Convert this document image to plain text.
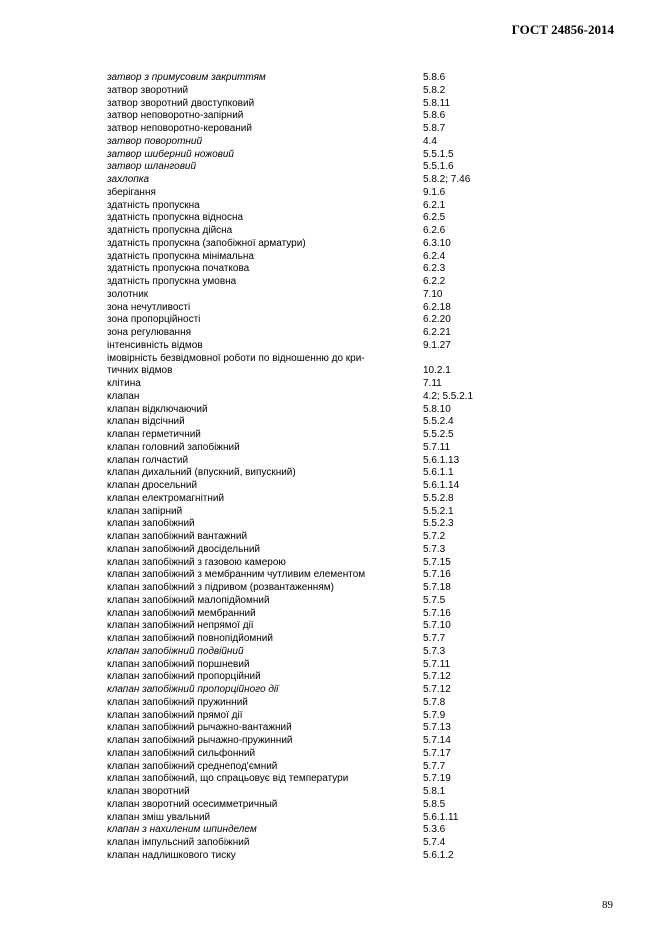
ГОСТ 24856-2014
затвор з примусовим закриттям	5.8.6
затвор зворотний	5.8.2
затвор зворотний двоступковий	5.8.11
затвор неповоротно-запірний	5.8.6
затвор неповоротно-керований	5.8.7
затвор поворотний	4.4
затвор шиберний ножовий	5.5.1.5
затвор шланговий	5.5.1.6
захлопка	5.8.2; 7.46
зберігання	9.1.6
здатність пропускна	6.2.1
здатність пропускна відносна	6.2.5
здатність пропускна дійсна	6.2.6
здатність пропускна (запобіжної арматури)	6.3.10
здатність пропускна мінімальна	6.2.4
здатність пропускна початкова	6.2.3
здатність пропускна умовна	6.2.2
золотник	7.10
зона нечутливості	6.2.18
зона пропорційності	6.2.20
зона регулювання	6.2.21
інтенсивність відмов	9.1.27
імовірність безвідмовної роботи по відношенню до кри-
тичних відмов	10.2.1
клітина	7.11
клапан	4.2; 5.5.2.1
клапан відключаючий	5.8.10
клапан відсічний	5.5.2.4
клапан герметичний	5.5.2.5
клапан головний запобіжний	5.7.11
клапан голчастий	5.6.1.13
клапан дихальний (впускний, випускний)	5.6.1.1
клапан дросельний	5.6.1.14
клапан електромагнітний	5.5.2.8
клапан запірний	5.5.2.1
клапан запобіжний	5.5.2.3
клапан запобіжний вантажний	5.7.2
клапан запобіжний двосідельний	5.7.3
клапан запобіжний з газовою камерою	5.7.15
клапан запобіжний з мембранним чутливим елементом	5.7.16
клапан запобіжний з підривом (розвантаженням)	5.7.18
клапан запобіжний малопідйомний	5.7.5
клапан запобіжний мембранний	5.7.16
клапан запобіжний непрямої дії	5.7.10
клапан запобіжний повнопідйомний	5.7.7
клапан запобіжний подвійний	5.7.3
клапан запобіжний поршневий	5.7.11
клапан запобіжний пропорційний	5.7.12
клапан запобіжний пропорційного дії	5.7.12
клапан запобіжний пружинний	5.7.8
клапан запобіжний прямої дії	5.7.9
клапан запобіжний рычажно-вантажний	5.7.13
клапан запобіжний рычажно-пружинний	5.7.14
клапан запобіжний сильфонний	5.7.17
клапан запобіжний среднепод'ємний	5.7.7
клапан запобіжний, що спрацьовує від температури	5.7.19
клапан зворотний	5.8.1
клапан зворотний осесимметричный	5.8.5
клапан зміш увальний	5.6.1.11
клапан з нахиленим шпинделем	5.3.6
клапан імпульсний запобіжний	5.7.4
клапан надлишкового тиску	5.6.1.2
89
